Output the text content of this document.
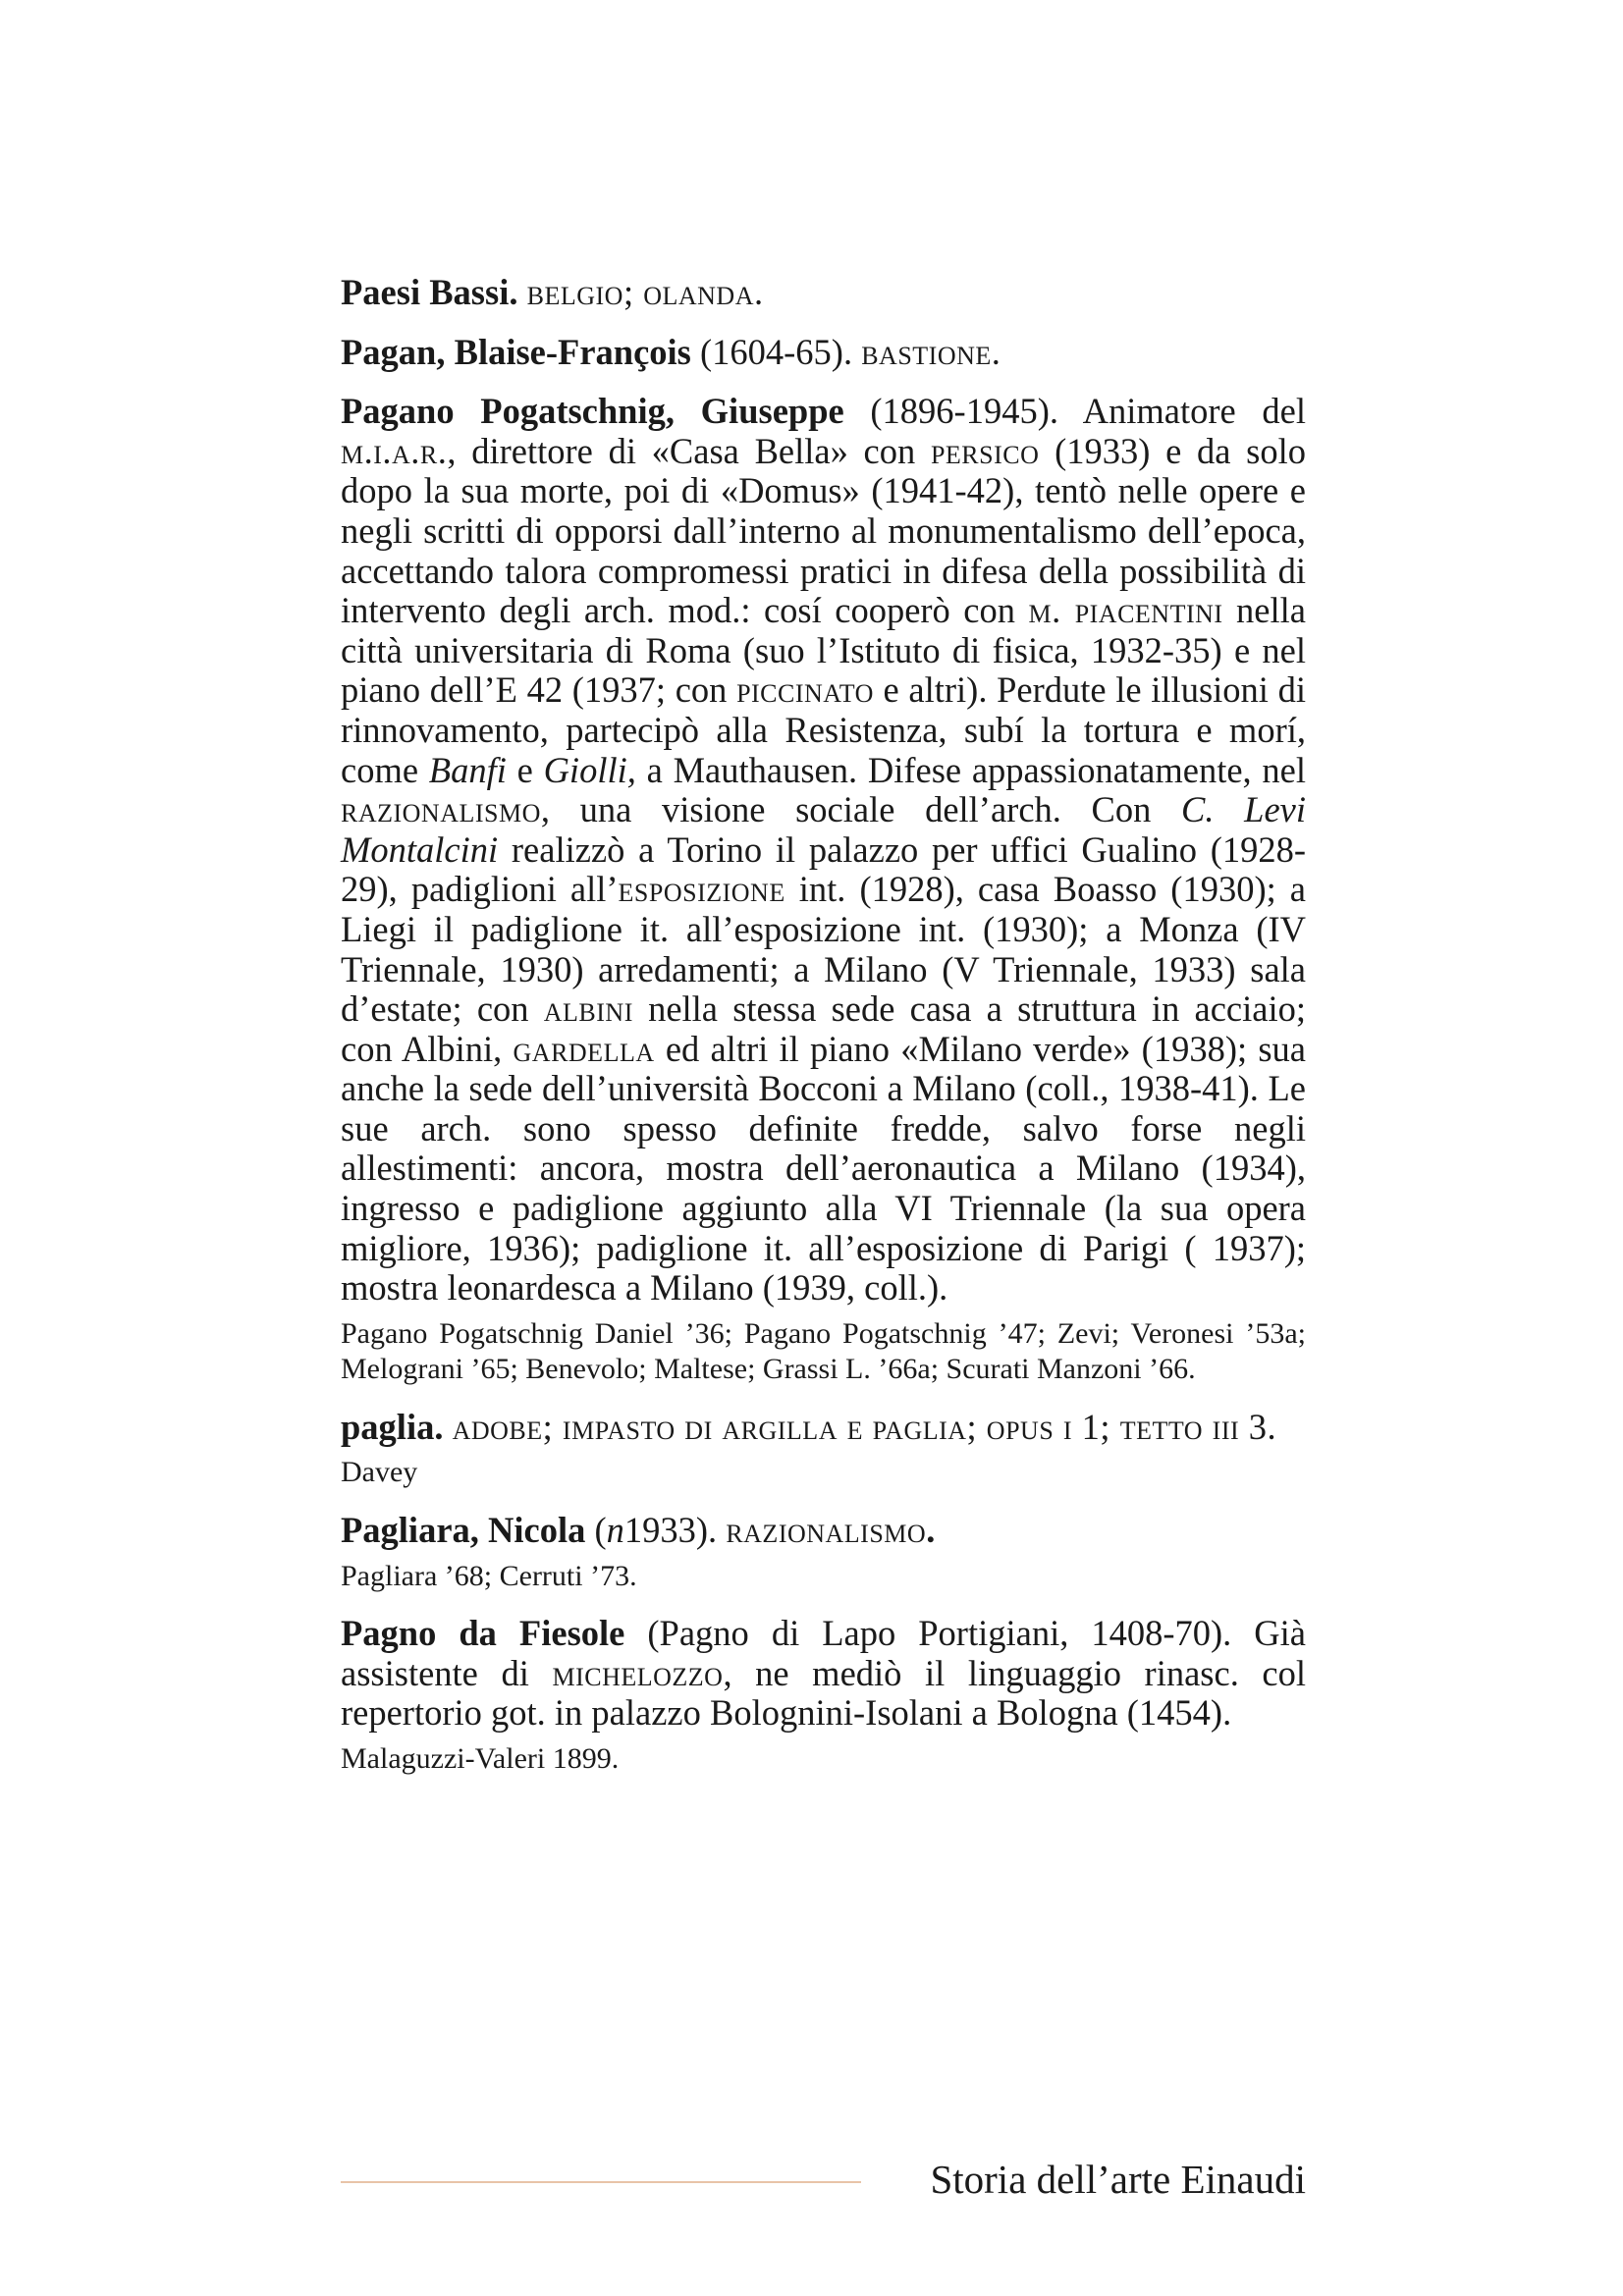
Paesi Bassi. belgio; olanda.

Pagan, Blaise-François (1604-65). bastione.

Pagano Pogatschnig, Giuseppe (1896-1945). Animatore del m.i.a.r., direttore di «Casa Bella» con persico (1933) e da solo dopo la sua morte, poi di «Domus» (1941-42), tentò nelle opere e negli scritti di opporsi dall’interno al monumentalismo dell’epoca, accettando talora compromessi pratici in difesa della possibilità di intervento degli arch. mod.: cosí cooperò con m. piacentini nella città universitaria di Roma (suo l’Istituto di fisica, 1932-35) e nel piano dell’E 42 (1937; con piccinato e altri). Perdute le illusioni di rinnovamento, partecipò alla Resistenza, subí la tortura e morí, come Banfi e Giolli, a Mauthausen. Difese appassionatamente, nel razionalismo, una visione sociale dell’arch. Con C. Levi Montalcini realizzò a Torino il palazzo per uffici Gualino (1928-29), padiglioni all’esposizione int. (1928), casa Boasso (1930); a Liegi il padiglione it. all’esposizione int. (1930); a Monza (IV Triennale, 1930) arredamenti; a Milano (V Triennale, 1933) sala d’estate; con albini nella stessa sede casa a struttura in acciaio; con Albini, gardella ed altri il piano «Milano verde» (1938); sua anche la sede dell’università Bocconi a Milano (coll., 1938-41). Le sue arch. sono spesso definite fredde, salvo forse negli allestimenti: ancora, mostra dell’aeronautica a Milano (1934), ingresso e padiglione aggiunto alla VI Triennale (la sua opera migliore, 1936); padiglione it. all’esposizione di Parigi ( 1937); mostra leonardesca a Milano (1939, coll.).

Pagano Pogatschnig Daniel ’36; Pagano Pogatschnig ’47; Zevi; Veronesi ’53a; Melograni ’65; Benevolo; Maltese; Grassi L. ’66a; Scurati Manzoni ’66.

paglia. adobe; impasto di argilla e paglia; opus i 1; tetto iii 3.

Davey

Pagliara, Nicola (n1933). razionalismo.

Pagliara ’68; Cerruti ’73.

Pagno da Fiesole (Pagno di Lapo Portigiani, 1408-70). Già assistente di michelozzo, ne mediò il linguaggio rinasc. col repertorio got. in palazzo Bolognini-Isolani a Bologna (1454).

Malaguzzi-Valeri 1899.

Storia dell’arte Einaudi
